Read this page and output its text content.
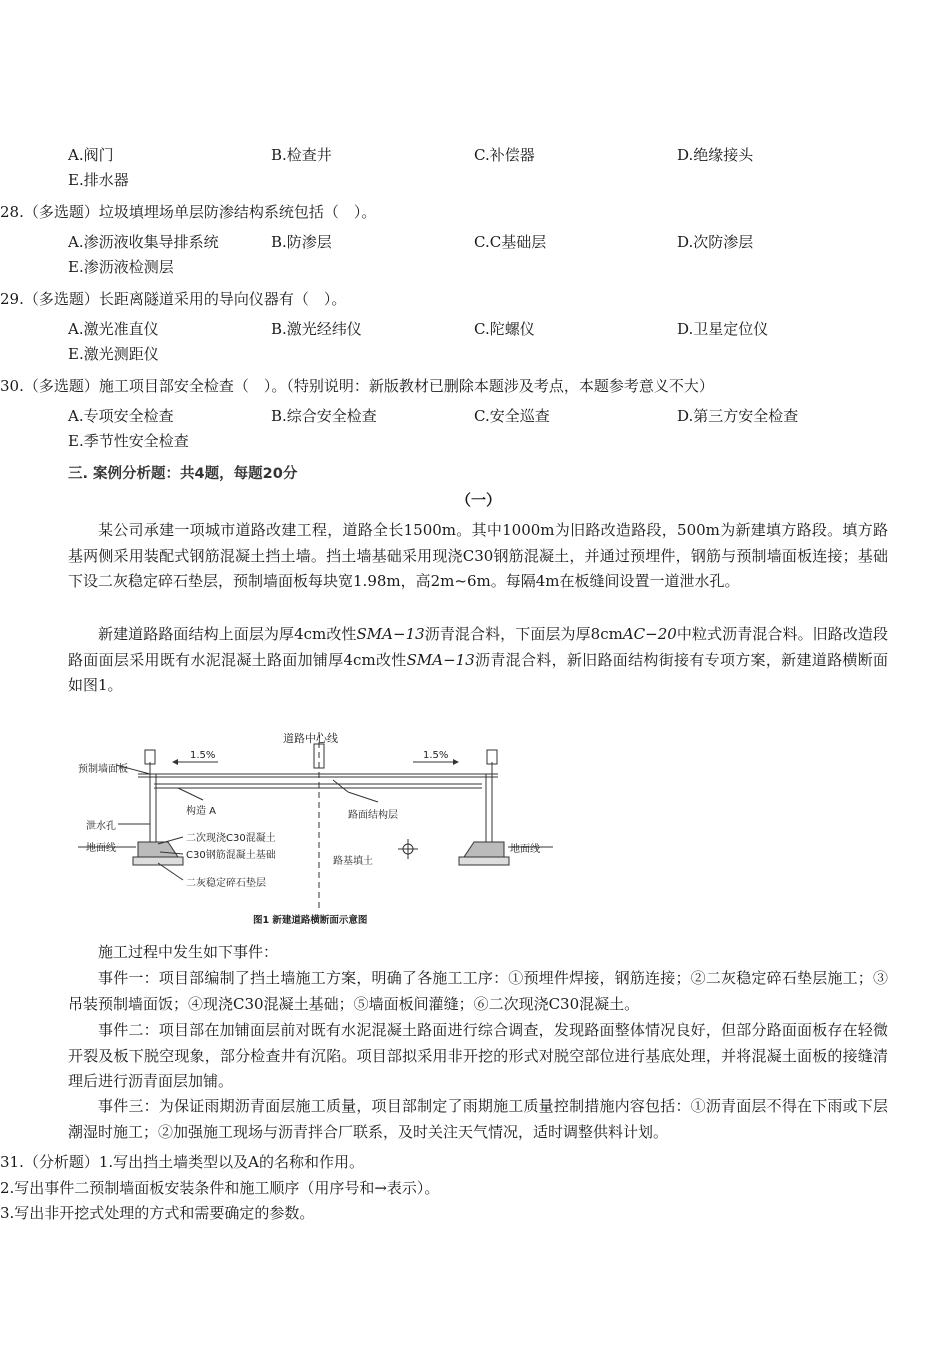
A.阀门	B.检查井	C.补偿器	D.绝缘接头
E.排水器
28.（多选题）垃圾填埋场单层防渗结构系统包括（　）。
A.渗沥液收集导排系统	B.防渗层	C.C基础层	D.次防渗层
E.渗沥液检测层
29.（多选题）长距离隧道采用的导向仪器有（　）。
A.激光准直仪	B.激光经纬仪	C.陀螺仪	D.卫星定位仪
E.激光测距仪
30.（多选题）施工项目部安全检查（　）。（特别说明：新版教材已删除本题涉及考点，本题参考意义不大）
A.专项安全检查	B.综合安全检查	C.安全巡查	D.第三方安全检查
E.季节性安全检查
三. 案例分析题：共4题，每题20分
（一）
某公司承建一项城市道路改建工程，道路全长1500m。其中1000m为旧路改造路段，500m为新建填方路段。填方路基两侧采用装配式钢筋混凝土挡土墙。挡土墙基础采用现浇C30钢筋混凝土，并通过预埋件，钢筋与预制墙面板连接；基础下设二灰稳定碎石垫层，预制墙面板每块宽1.98m，高2m~6m。每隔4m在板缝间设置一道泄水孔。
新建道路路面结构上面层为厚4cm改性SMA−13沥青混合料，下面层为厚8cmAC−20中粒式沥青混合料。旧路改造段路面面层采用既有水泥混凝土路面加铺厚4cm改性SMA−13沥青混合料，新旧路面结构街接有专项方案，新建道路横断面如图1。
道路中心线
1.5%	1.5%
预制墙面板
构造 A	路面结构层
泄水孔
二次现浇C30混凝土
地面线
C30钢筋混凝土基础
路基填土
地面线
二灰稳定碎石垫层
图1 新建道路横断面示意图
施工过程中发生如下事件：
事件一：项目部编制了挡土墙施工方案，明确了各施工工序：①预埋件焊接，钢筋连接；②二灰稳定碎石垫层施工；③吊装预制墙面饭；④现浇C30混凝土基础；⑤墙面板间灌缝；⑥二次现浇C30混凝土。
事件二：项目部在加铺面层前对既有水泥混凝土路面进行综合调查，发现路面整体情况良好，但部分路面面板存在轻微开裂及板下脱空现象，部分检查井有沉陷。项目部拟采用非开挖的形式对脱空部位进行基底处理，并将混凝土面板的接缝清理后进行沥青面层加铺。
事件三：为保证雨期沥青面层施工质量，项目部制定了雨期施工质量控制措施内容包括：①沥青面层不得在下雨或下层潮湿时施工；②加强施工现场与沥青拌合厂联系，及时关注天气情况，适时调整供料计划。
31.（分析题）1.写出挡土墙类型以及A的名称和作用。
2.写出事件二预制墙面板安装条件和施工顺序（用序号和→表示）。
3.写出非开挖式处理的方式和需要确定的参数。
